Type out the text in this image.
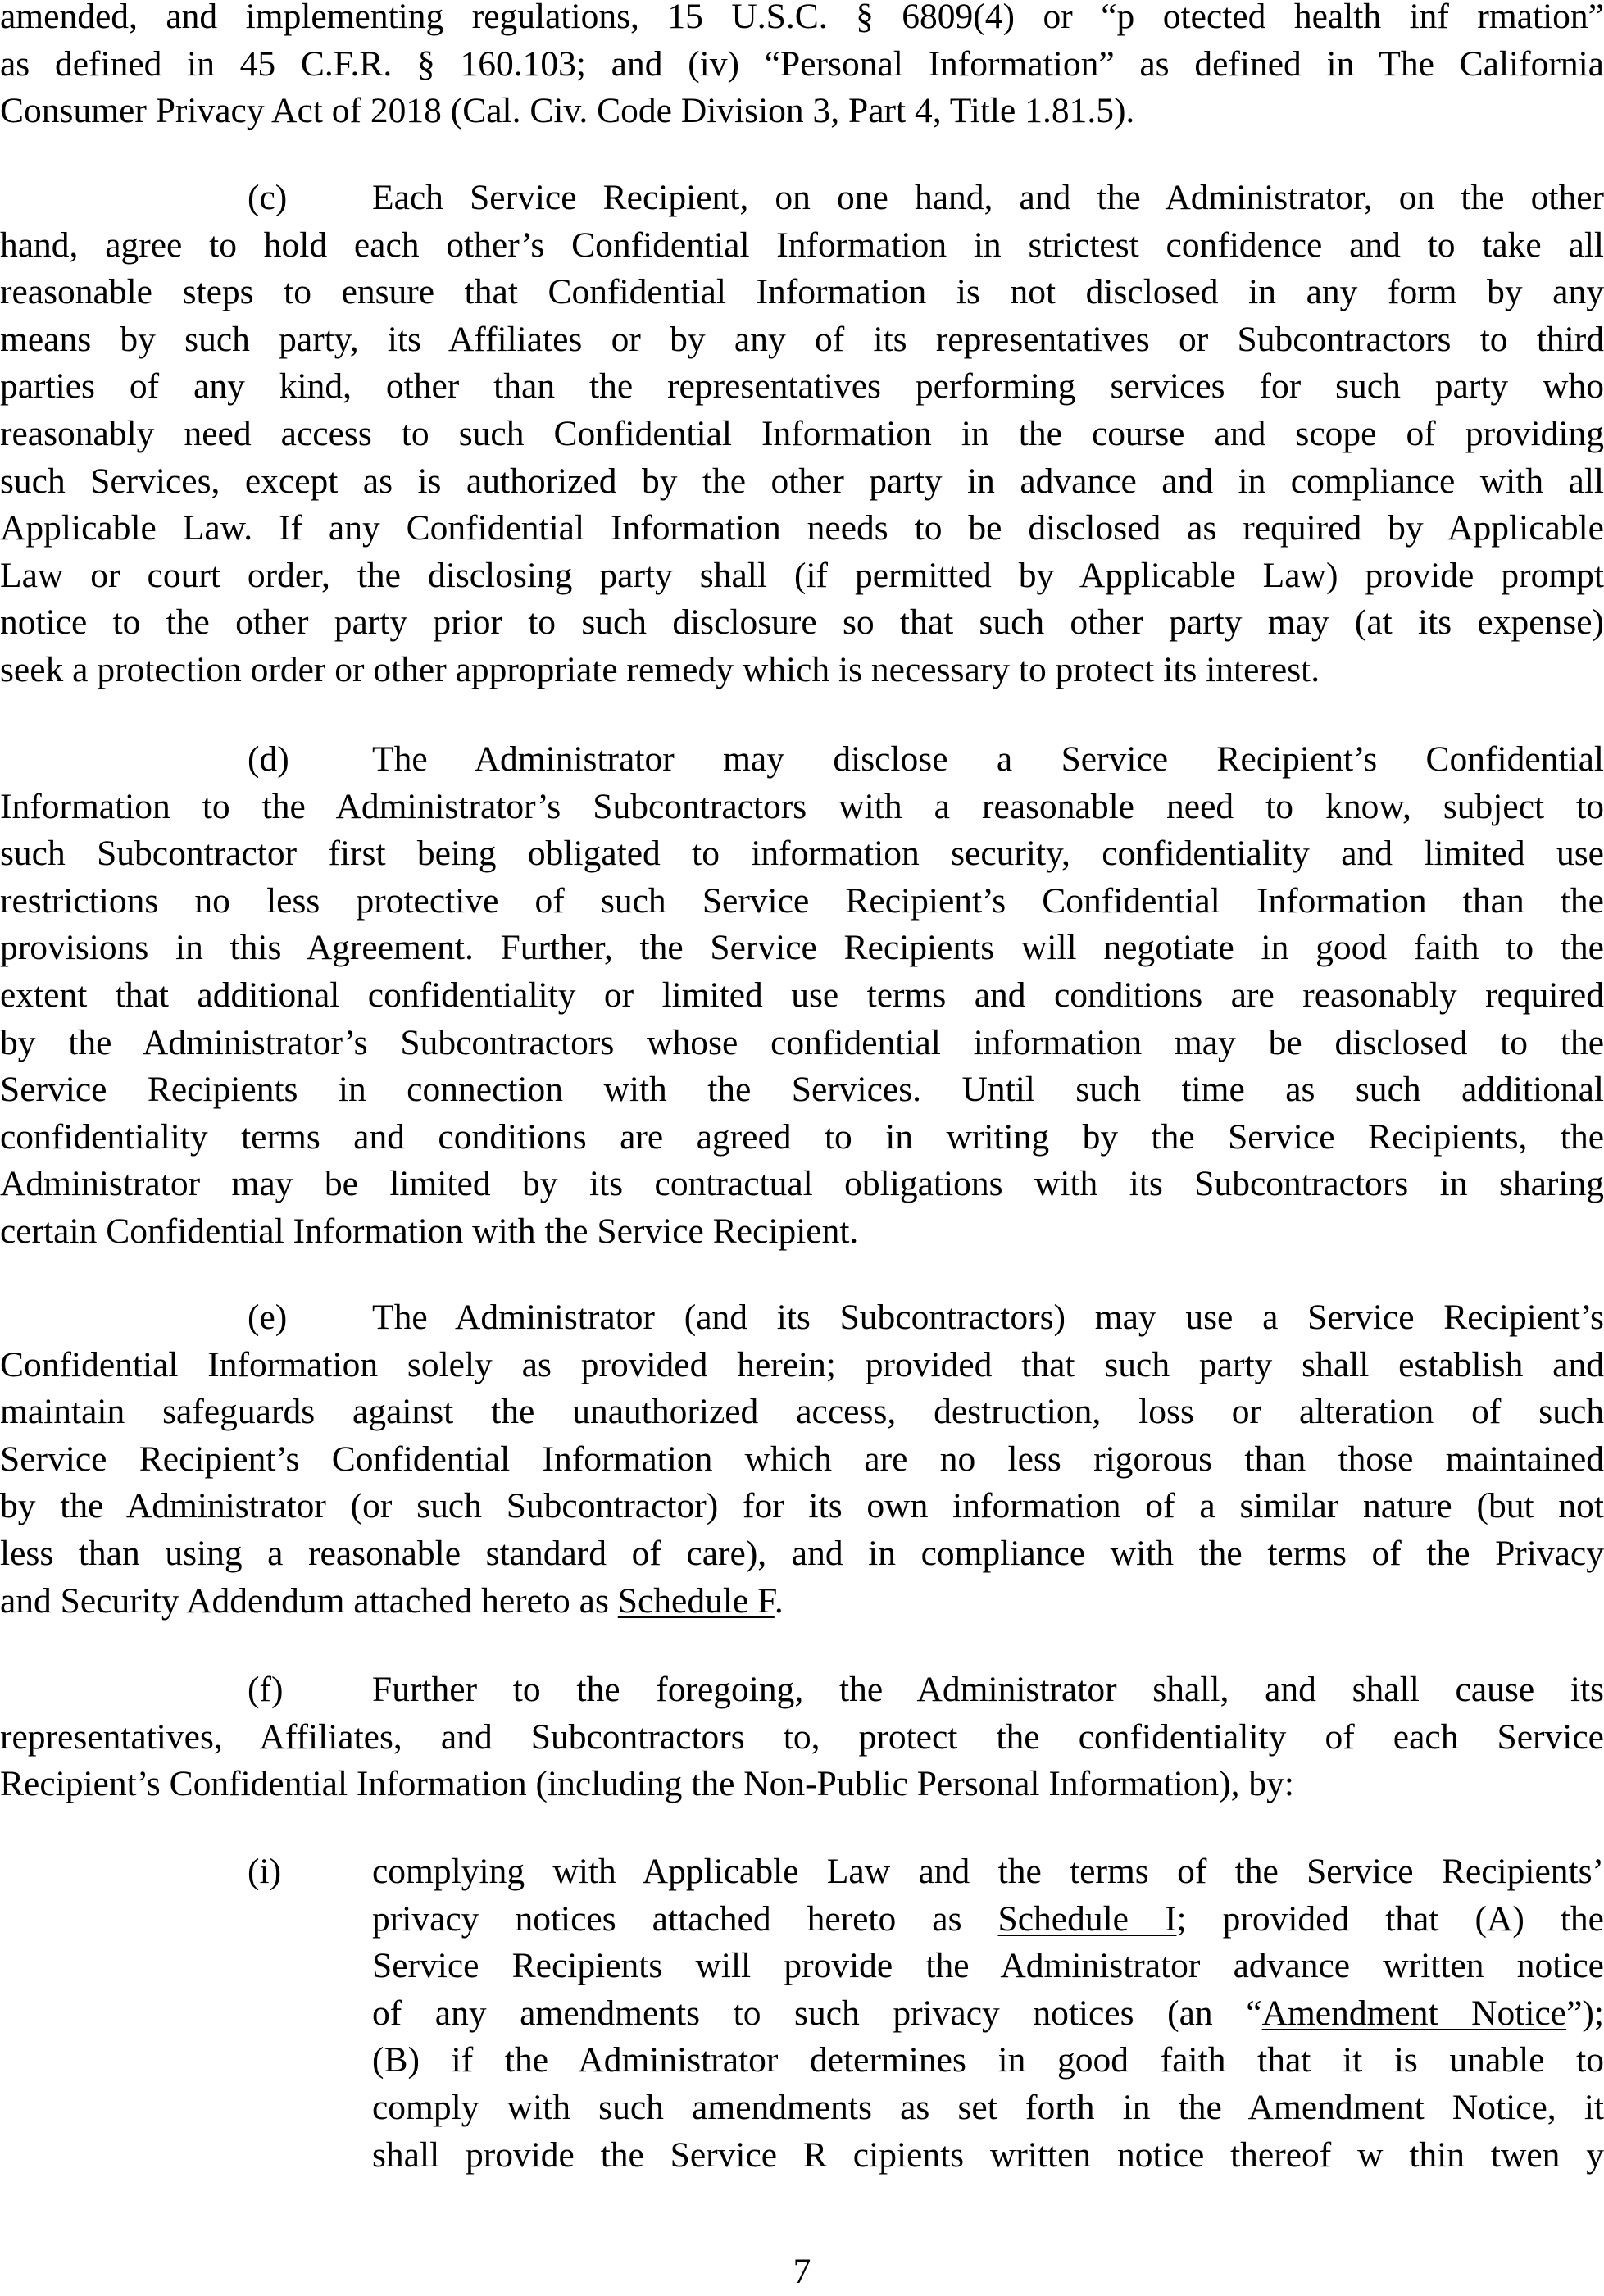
amended, and implementing regulations, 15 U.S.C. § 6809(4) or “p otected health inf rmation”
as defined in 45 C.F.R. § 160.103; and (iv) “Personal Information” as defined in The California
Consumer Privacy Act of 2018 (Cal. Civ. Code Division 3, Part 4, Title 1.81.5).
(c) Each Service Recipient, on one hand, and the Administrator, on the other
hand, agree to hold each other’s Confidential Information in strictest confidence and to take all
reasonable steps to ensure that Confidential Information is not disclosed in any form by any
means by such party, its Affiliates or by any of its representatives or Subcontractors to third
parties of any kind, other than the representatives performing services for such party who
reasonably need access to such Confidential Information in the course and scope of providing
such Services, except as is authorized by the other party in advance and in compliance with all
Applicable Law. If any Confidential Information needs to be disclosed as required by Applicable
Law or court order, the disclosing party shall (if permitted by Applicable Law) provide prompt
notice to the other party prior to such disclosure so that such other party may (at its expense)
seek a protection order or other appropriate remedy which is necessary to protect its interest.
(d) The Administrator may disclose a Service Recipient’s Confidential
Information to the Administrator’s Subcontractors with a reasonable need to know, subject to
such Subcontractor first being obligated to information security, confidentiality and limited use
restrictions no less protective of such Service Recipient’s Confidential Information than the
provisions in this Agreement. Further, the Service Recipients will negotiate in good faith to the
extent that additional confidentiality or limited use terms and conditions are reasonably required
by the Administrator’s Subcontractors whose confidential information may be disclosed to the
Service Recipients in connection with the Services. Until such time as such additional
confidentiality terms and conditions are agreed to in writing by the Service Recipients, the
Administrator may be limited by its contractual obligations with its Subcontractors in sharing
certain Confidential Information with the Service Recipient.
(e) The Administrator (and its Subcontractors) may use a Service Recipient’s
Confidential Information solely as provided herein; provided that such party shall establish and
maintain safeguards against the unauthorized access, destruction, loss or alteration of such
Service Recipient’s Confidential Information which are no less rigorous than those maintained
by the Administrator (or such Subcontractor) for its own information of a similar nature (but not
less than using a reasonable standard of care), and in compliance with the terms of the Privacy
and Security Addendum attached hereto as Schedule F.
(f) Further to the foregoing, the Administrator shall, and shall cause its
representatives, Affiliates, and Subcontractors to, protect the confidentiality of each Service
Recipient’s Confidential Information (including the Non-Public Personal Information), by:
(i)	complying with Applicable Law and the terms of the Service Recipients’
privacy notices attached hereto as Schedule I; provided that (A) the
Service Recipients will provide the Administrator advance written notice
of any amendments to such privacy notices (an “Amendment Notice”);
(B) if the Administrator determines in good faith that it is unable to
comply with such amendments as set forth in the Amendment Notice, it
shall provide the Service R cipients written notice thereof w thin twen y
7
